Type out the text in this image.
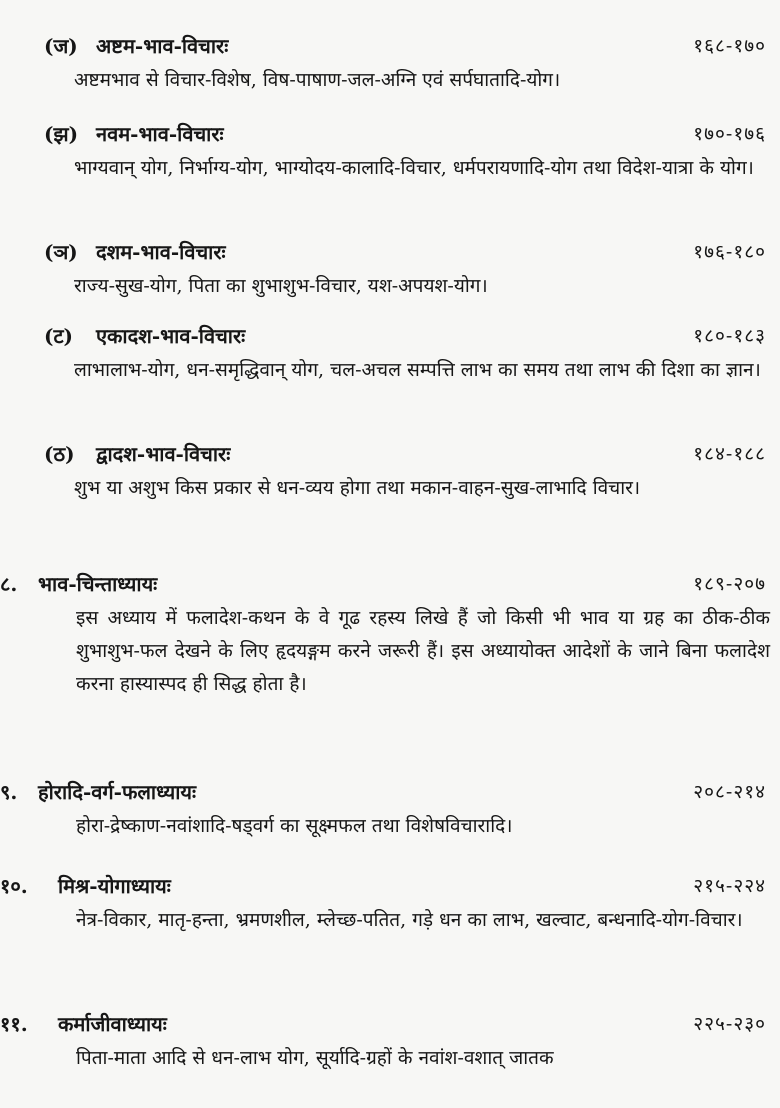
(ज) अष्टम-भाव-विचारः	१६८-१७०
अष्टमभाव से विचार-विशेष, विष-पाषाण-जल-अग्नि एवं सर्पघातादि-योग।
(झ) नवम-भाव-विचारः	१७०-१७६
भाग्यवान् योग, निर्भाग्य-योग, भाग्योदय-कालादि-विचार, धर्मपरायणादि-योग तथा विदेश-यात्रा के योग।
(ञ) दशम-भाव-विचारः	१७६-१८०
राज्य-सुख-योग, पिता का शुभाशुभ-विचार, यश-अपयश-योग।
(ट) एकादश-भाव-विचारः	१८०-१८३
लाभालाभ-योग, धन-समृद्धिवान् योग, चल-अचल सम्पत्ति लाभ का समय तथा लाभ की दिशा का ज्ञान।
(ठ) द्वादश-भाव-विचारः	१८४-१८८
शुभ या अशुभ किस प्रकार से धन-व्यय होगा तथा मकान-वाहन-सुख-लाभादि विचार।
८. भाव-चिन्ताध्यायः	१८९-२०७
इस अध्याय में फलादेश-कथन के वे गूढ रहस्य लिखे हैं जो किसी भी भाव या ग्रह का ठीक-ठीक शुभाशुभ-फल देखने के लिए हृदयङ्गम करने जरूरी हैं। इस अध्यायोक्त आदेशों के जाने बिना फलादेश करना हास्यास्पद ही सिद्ध होता है।
९. होरादि-वर्ग-फलाध्यायः	२०८-२१४
होरा-द्रेष्काण-नवांशादि-षड्वर्ग का सूक्ष्मफल तथा विशेषविचारादि।
१०. मिश्र-योगाध्यायः	२१५-२२४
नेत्र-विकार, मातृ-हन्ता, भ्रमणशील, म्लेच्छ-पतित, गड़े धन का लाभ, खल्वाट, बन्धनादि-योग-विचार।
११. कर्माजीवाध्यायः	२२५-२३०
पिता-माता आदि से धन-लाभ योग, सूर्यादि-ग्रहों के नवांश-वशात् जातक
